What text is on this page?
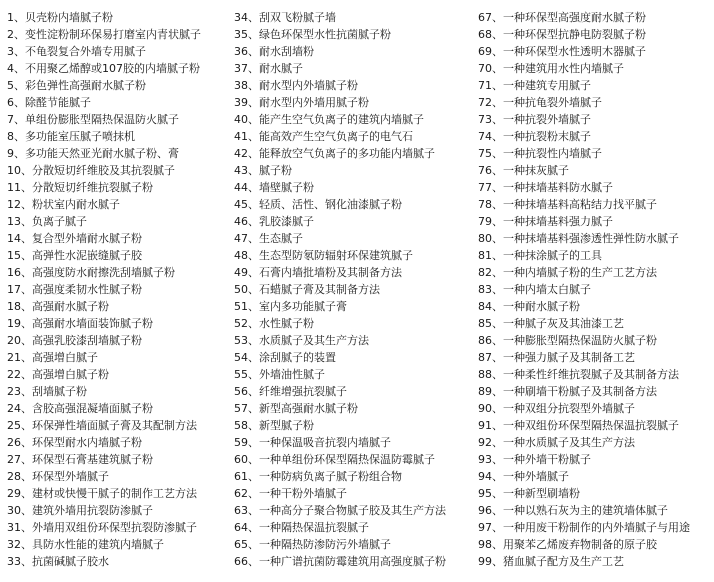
1、贝壳粉内墙腻子粉
2、变性淀粉制环保易打磨室内青状腻子
3、不龟裂复合外墙专用腻子
4、不用聚乙烯醇或107胶的内墙腻子粉
5、彩色弹性高强耐水腻子粉
6、除醛节能腻子
7、单组份膨胀型隔热保温防火腻子
8、多功能室压腻子喷抹机
9、多功能天然亚光耐水腻子粉、膏
10、分散短切纤维胶及其抗裂腻子
11、分散短切纤维抗裂腻子粉
12、粉状室内耐水腻子
13、负离子腻子
14、复合型外墙耐水腻子粉
15、高弹性水泥嵌缝腻子胶
16、高强度防水耐擦洗刮墙腻子粉
17、高强度柔韧水性腻子粉
18、高强耐水腻子粉
19、高强耐水墙面装饰腻子粉
20、高强乳胶漆刮墙腻子粉
21、高强增白腻子
22、高强增白腻子粉
23、刮墙腻子粉
24、含胶高强混凝墙面腻子粉
25、环保弹性墙面腻子膏及其配制方法
26、环保型耐水内墙腻子粉
27、环保型石膏基建筑腻子粉
28、环保型外墙腻子
29、建材或快慢干腻子的制作工艺方法
30、建筑外墙用抗裂防渗腻子
31、外墙用双组份环保型抗裂防渗腻子
32、具防水性能的建筑内墙腻子
33、抗菌碱腻子胶水
34、刮双飞粉腻子墙
35、绿色环保型水性抗菌腻子粉
36、耐水刮墙粉
37、耐水腻子
38、耐水型内外墙腻子粉
39、耐水型内外墙用腻子粉
40、能产生空气负离子的建筑内墙腻子
41、能高效产生空气负离子的电气石
42、能释放空气负离子的多功能内墙腻子
43、腻子粉
44、墙壁腻子粉
45、轻质、活性、钢化油漆腻子粉
46、乳胶漆腻子
47、生态腻子
48、生态型防氡防辐射环保建筑腻子
49、石膏内墙批墙粉及其制备方法
50、石蜡腻子膏及其制备方法
51、室内多功能腻子膏
52、水性腻子粉
53、水质腻子及其生产方法
54、涂刮腻子的装置
55、外墙油性腻子
56、纤维增强抗裂腻子
57、新型高强耐水腻子粉
58、新型腻子粉
59、一种保温吸音抗裂内墙腻子
60、一种单组份环保型隔热保温防霉腻子
61、一种防病负离子腻子粉组合物
62、一种干粉外墙腻子
63、一种高分子聚合物腻子胶及其生产方法
64、一种隔热保温抗裂腻子
65、一种隔热防渗防污外墙腻子
66、一种广谱抗菌防霉建筑用高强度腻子粉
67、一种环保型高强度耐水腻子粉
68、一种环保型抗静电防裂腻子粉
69、一种环保型水性透明木器腻子
70、一种建筑用水性内墙腻子
71、一种建筑专用腻子
72、一种抗龟裂外墙腻子
73、一种抗裂外墙腻子
74、一种抗裂粉末腻子
75、一种抗裂性内墙腻子
76、一种抹灰腻子
77、一种抹墙基料防水腻子
78、一种抹墙基料高粘结力找平腻子
79、一种抹墙基料强力腻子
80、一种抹墙基料强渗透性弹性防水腻子
81、一种抹涂腻子的工具
82、一种内墙腻子粉的生产工艺方法
83、一种内墙太白腻子
84、一种耐水腻子粉
85、一种腻子灰及其油漆工艺
86、一种膨胀型隔热保温防火腻子粉
87、一种强力腻子及其制备工艺
88、一种柔性纤维抗裂腻子及其制备方法
89、一种刷墙干粉腻子及其制备方法
90、一种双组分抗裂型外墙腻子
91、一种双组份环保型隔热保温抗裂腻子
92、一种水质腻子及其生产方法
93、一种外墙干粉腻子
94、一种外墙腻子
95、一种新型刷墙粉
96、一种以熟石灰为主的建筑墙体腻子
97、一种用废干粉制作的内外墙腻子与用途
98、用聚苯乙烯废弃物制备的原子胶
99、猪血腻子配方及生产工艺
